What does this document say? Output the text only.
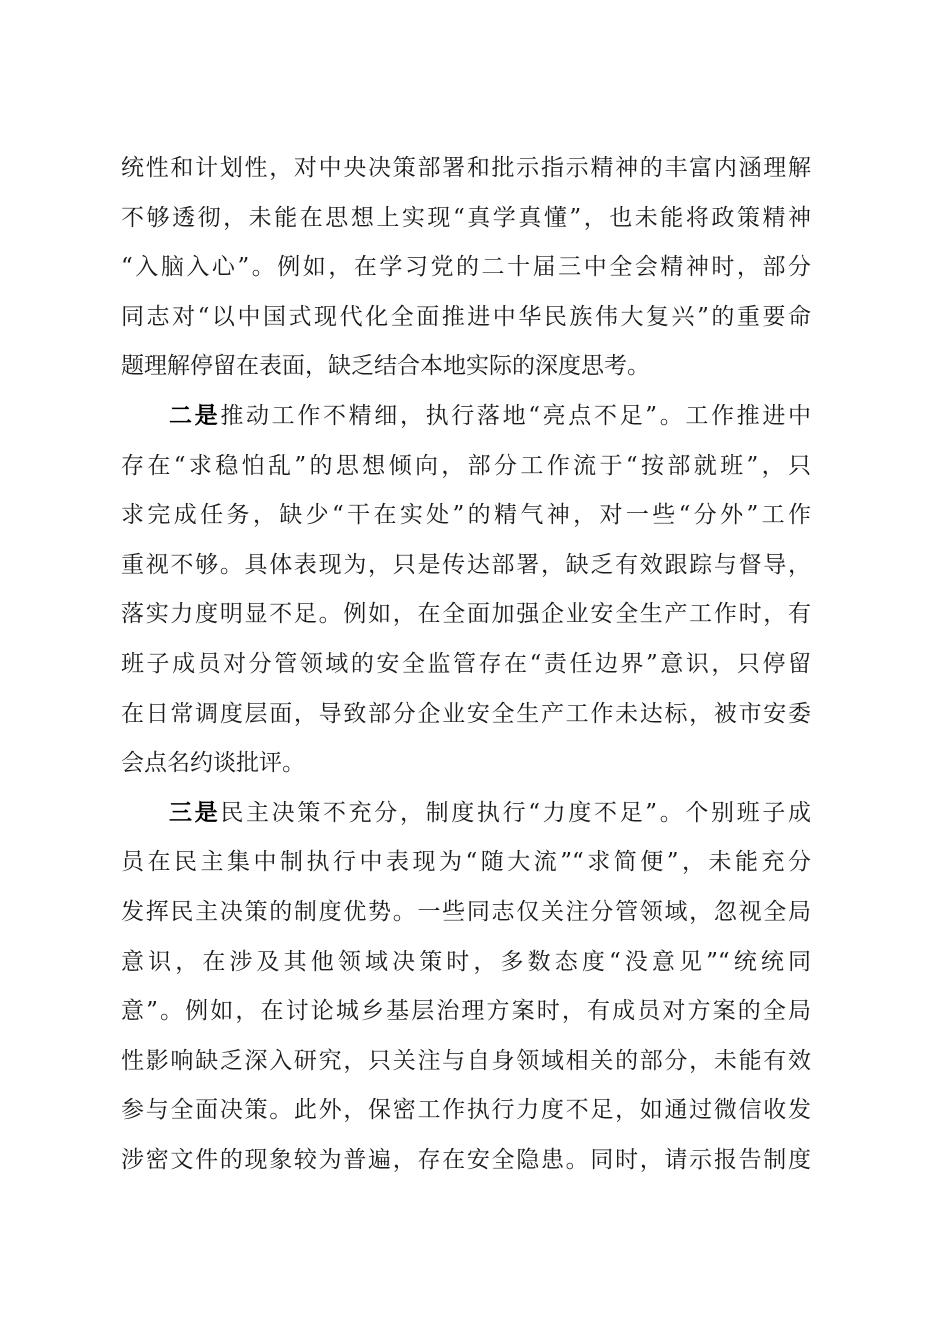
统性和计划性，对中央决策部署和批示指示精神的丰富内涵理解
不够透彻，未能在思想上实现“真学真懂”，也未能将政策精神
“入脑入心”。例如，在学习党的二十届三中全会精神时，部分
同志对“以中国式现代化全面推进中华民族伟大复兴”的重要命
题理解停留在表面，缺乏结合本地实际的深度思考。
二是推动工作不精细，执行落地“亮点不足”。工作推进中
存在“求稳怕乱”的思想倾向，部分工作流于“按部就班”，只
求完成任务，缺少“干在实处”的精气神，对一些“分外”工作
重视不够。具体表现为，只是传达部署，缺乏有效跟踪与督导，
落实力度明显不足。例如，在全面加强企业安全生产工作时，有
班子成员对分管领域的安全监管存在“责任边界”意识，只停留
在日常调度层面，导致部分企业安全生产工作未达标，被市安委
会点名约谈批评。
三是民主决策不充分，制度执行“力度不足”。个别班子成
员在民主集中制执行中表现为“随大流”“求简便”，未能充分
发挥民主决策的制度优势。一些同志仅关注分管领域，忽视全局
意识，在涉及其他领域决策时，多数态度“没意见”“统统同
意”。例如，在讨论城乡基层治理方案时，有成员对方案的全局
性影响缺乏深入研究，只关注与自身领域相关的部分，未能有效
参与全面决策。此外，保密工作执行力度不足，如通过微信收发
涉密文件的现象较为普遍，存在安全隐患。同时，请示报告制度
